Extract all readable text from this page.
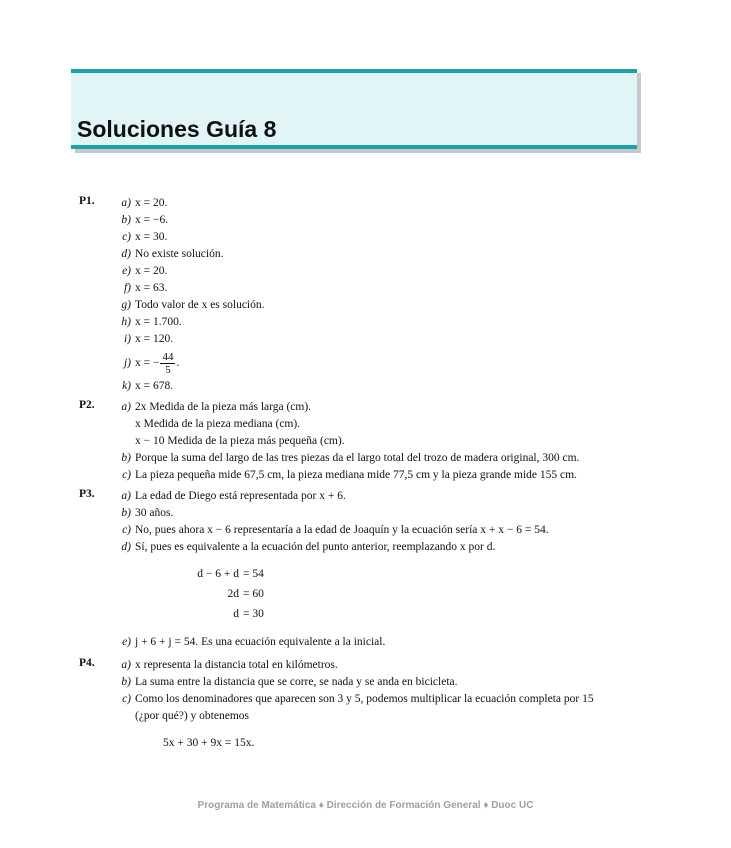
Soluciones Guía 8
P1.	a) x = 20.
b) x = −6.
c) x = 30.
d) No existe solución.
e) x = 20.
f) x = 63.
g) Todo valor de x es solución.
h) x = 1.700.
i) x = 120.
j) x = − $\frac{44}{5}$ .
k) x = 678.
P2.	a) 2x Medida de la pieza más larga (cm).
x Medida de la pieza mediana (cm).
x − 10 Medida de la pieza más pequeña (cm).
b) Porque la suma del largo de las tres piezas da el largo total del trozo de madera original, 300 cm.
c) La pieza pequeña mide 67,5 cm, la pieza mediana mide 77,5 cm y la pieza grande mide 155 cm.
P3.	a) La edad de Diego está representada por x + 6.
b) 30 años.
c) No, pues ahora x − 6 representaría a la edad de Joaquín y la ecuación sería x + x − 6 = 54.
d) Sí, pues es equivalente a la ecuación del punto anterior, reemplazando x por d.
d − 6 + d = 54
2d = 60
d = 30
e) j + 6 + j = 54. Es una ecuación equivalente a la inicial.
P4.	a) x representa la distancia total en kilómetros.
b) La suma entre la distancia que se corre, se nada y se anda en bicicleta.
c) Como los denominadores que aparecen son 3 y 5, podemos multiplicar la ecuación completa por 15
(¿por qué?) y obtenemos
5x + 30 + 9x = 15x.
Programa de Matemática ♦ Dirección de Formación General ♦ Duoc UC
